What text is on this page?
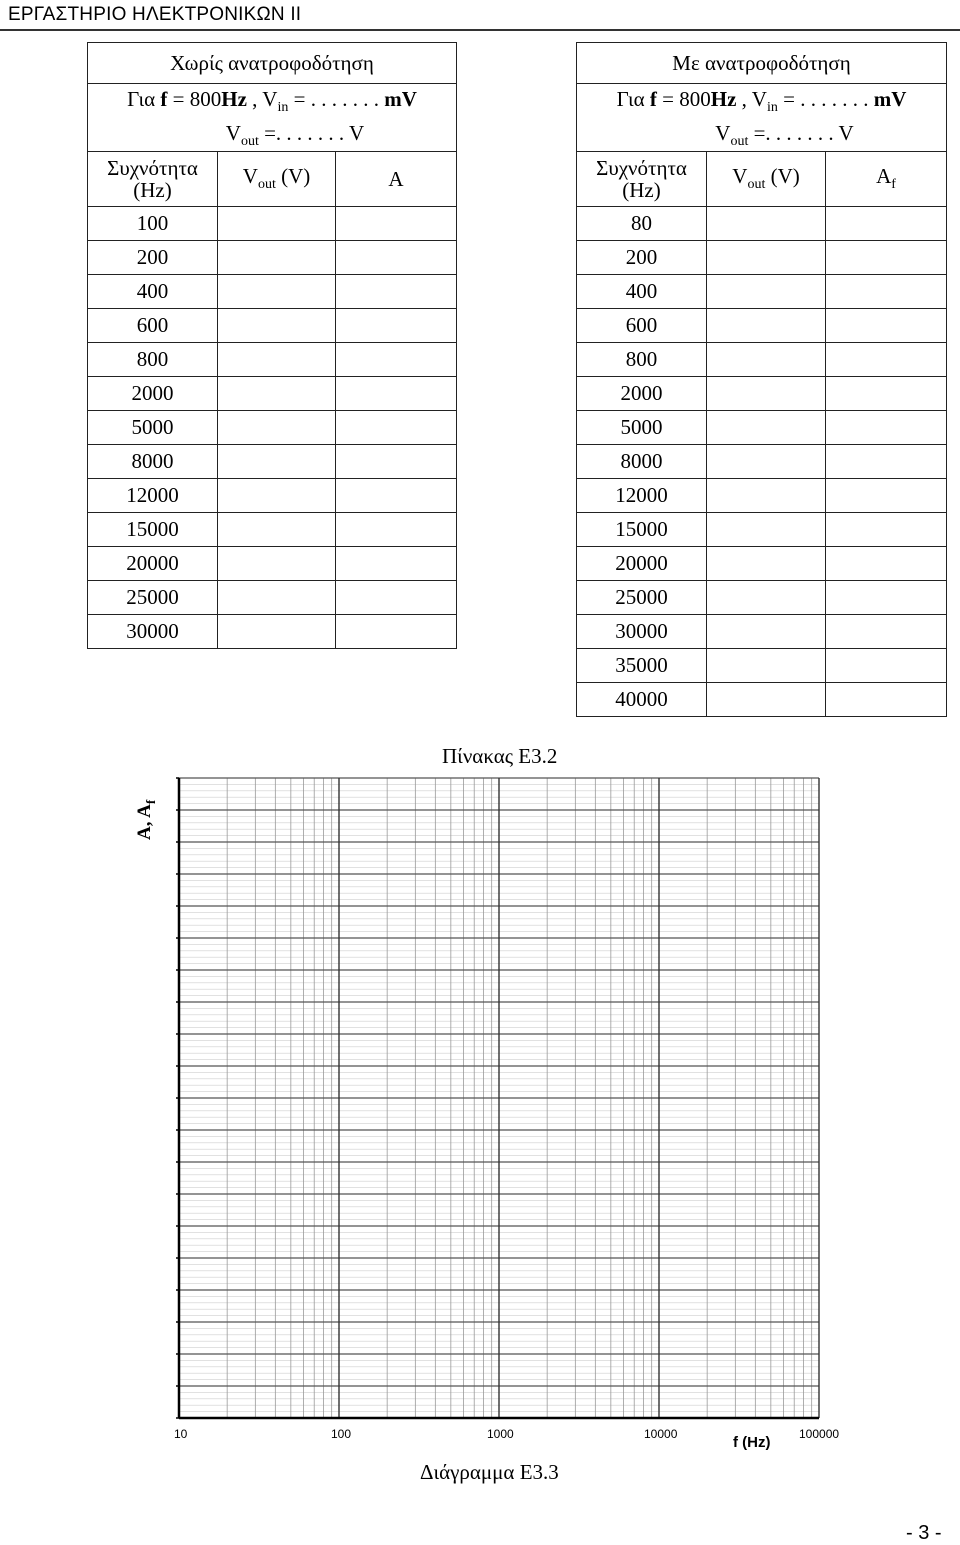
ΕΡΓΑΣΤΗΡΙΟ ΗΛΕΚΤΡΟΝΙΚΩΝ ΙΙ
Χωρίς ανατροφοδότηση		
Για f = 800Hz , $V_{in}$ = . . . . . . . mV		
$V_{out}$ =. . . . . . . V		
Συχνότητα
(Hz)	$V_{out}$ (V)	A
100		
200		
400		
600		
800		
2000		
5000		
8000		
12000		
15000		
20000		
25000		
30000		
Με ανατροφοδότηση		
Για f = 800Hz , $V_{in}$ = . . . . . . . mV		
$V_{out}$ =. . . . . . . V		
Συχνότητα
(Hz)	$V_{out}$ (V)	$A_f$
80		
200		
400		
600		
800		
2000		
5000		
8000		
12000		
15000		
20000		
25000		
30000		
35000		
40000		
Πίνακας Ε3.2
A, $A_f$
10	100	1000	10000	100000
f (Hz)
Διάγραμμα Ε3.3
- 3 -
